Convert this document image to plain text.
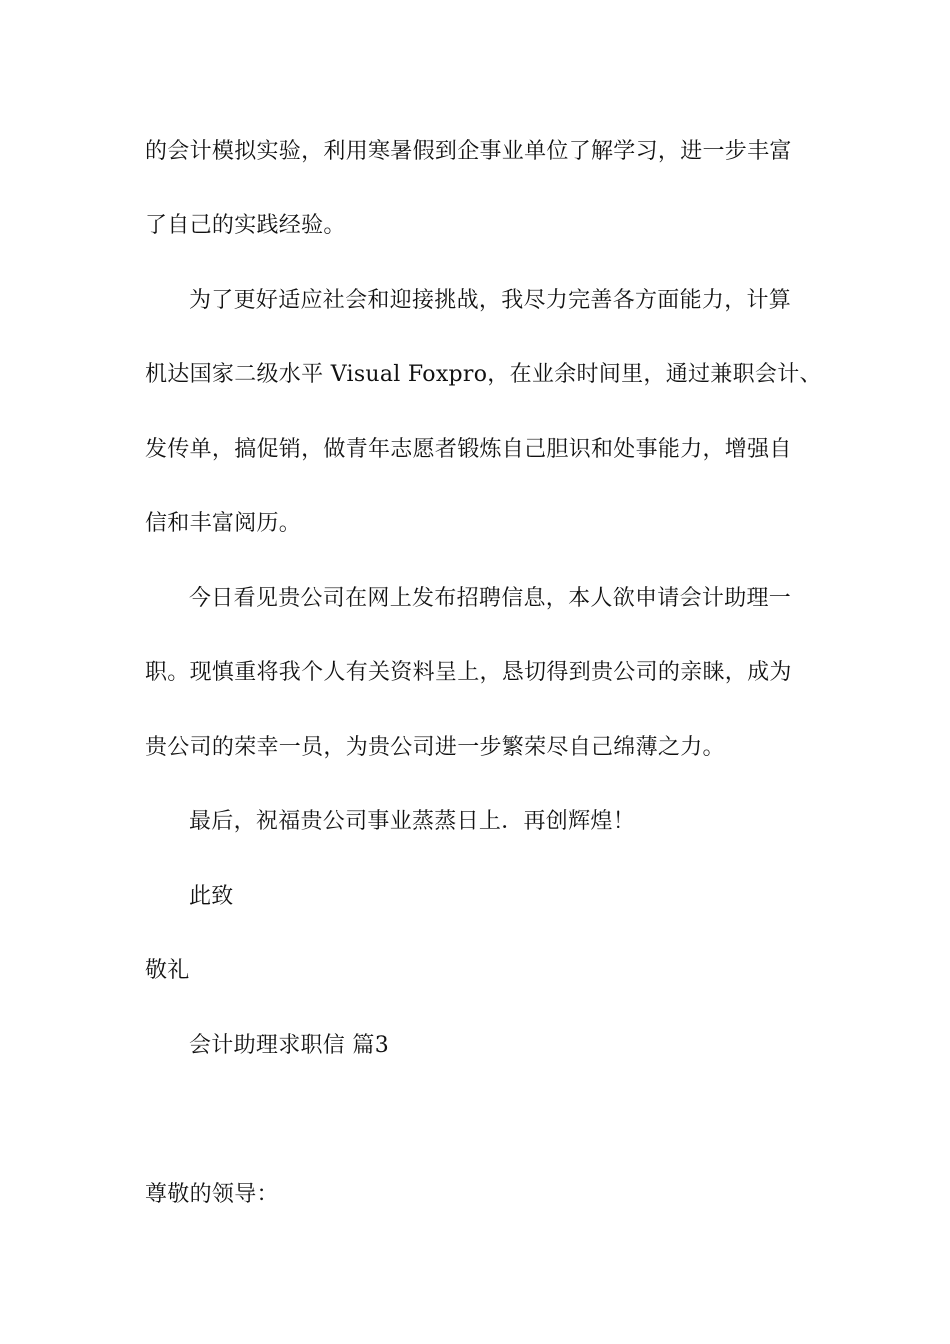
的会计模拟实验，利用寒暑假到企事业单位了解学习，进一步丰富
了自己的实践经验。
为了更好适应社会和迎接挑战，我尽力完善各方面能力，计算
机达国家二级水平 Visual Foxpro，在业余时间里，通过兼职会计、
发传单，搞促销，做青年志愿者锻炼自己胆识和处事能力，增强自
信和丰富阅历。
今日看见贵公司在网上发布招聘信息，本人欲申请会计助理一
职。现慎重将我个人有关资料呈上，恳切得到贵公司的亲睐，成为
贵公司的荣幸一员，为贵公司进一步繁荣尽自己绵薄之力。
最后，祝福贵公司事业蒸蒸日上．再创辉煌！
此致
敬礼
会计助理求职信 篇3
尊敬的领导：
